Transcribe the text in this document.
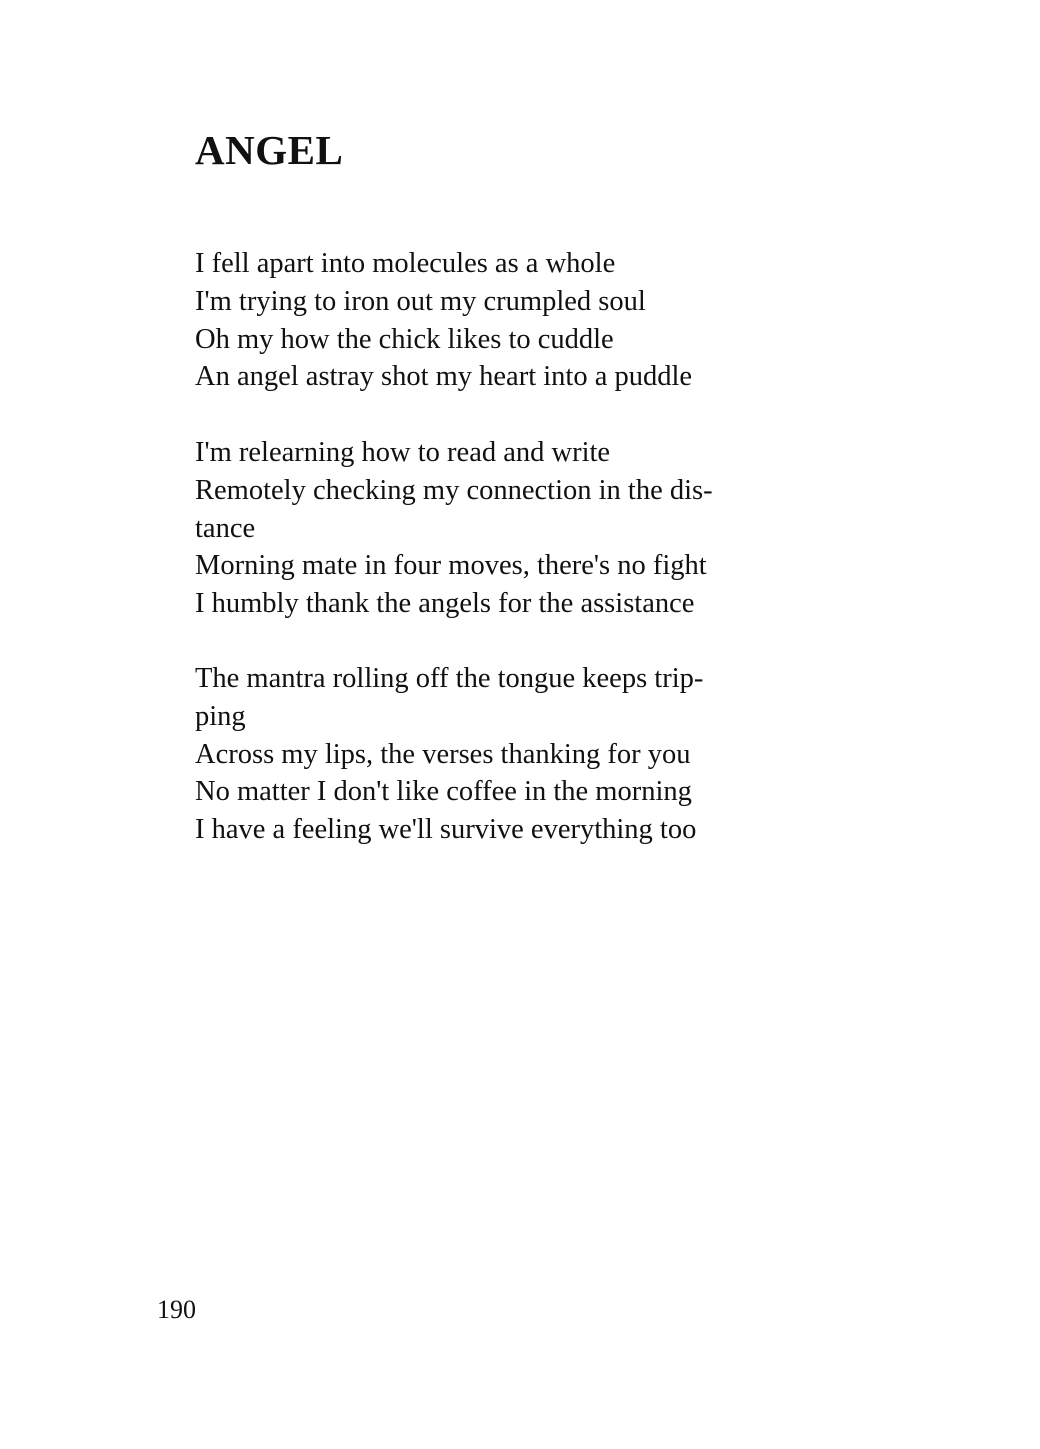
ANGEL
I fell apart into molecules as a whole
I'm trying to iron out my crumpled soul
Oh my how the chick likes to cuddle
An angel astray shot my heart into a puddle
I'm relearning how to read and write
Remotely checking my connection in the dis-
tance
Morning mate in four moves, there's no fight
I humbly thank the angels for the assistance
The mantra rolling off the tongue keeps trip-
ping
Across my lips, the verses thanking for you
No matter I don't like coffee in the morning
I have a feeling we'll survive everything too
190
